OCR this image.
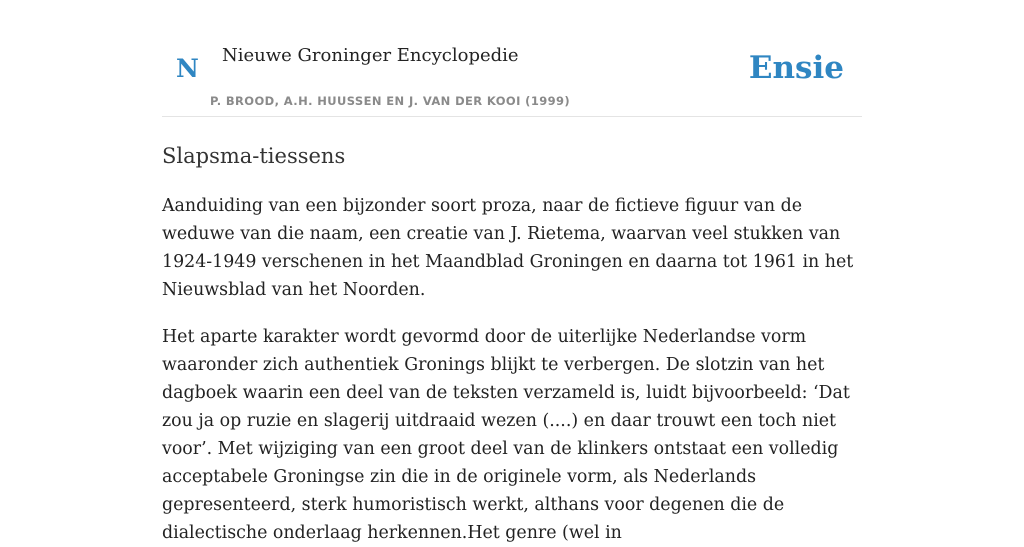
N Nieuwe Groninger Encyclopedie
P. BROOD, A.H. HUUSSEN EN J. VAN DER KOOI (1999)
Ensie
Slapsma-tiessens

Aanduiding van een bijzonder soort proza, naar de fictieve figuur van de weduwe van die naam, een creatie van J. Rietema, waarvan veel stukken van 1924-1949 verschenen in het Maandblad Groningen en daarna tot 1961 in het Nieuwsblad van het Noorden.

Het aparte karakter wordt gevormd door de uiterlijke Nederlandse vorm waaronder zich authentiek Gronings blijkt te verbergen. De slotzin van het dagboek waarin een deel van de teksten verzameld is, luidt bijvoorbeeld: ‘Dat zou ja op ruzie en slagerij uitdraaid wezen (....) en daar trouwt een toch niet voor’. Met wijziging van een groot deel van de klinkers ontstaat een volledig acceptabele Groningse zin die in de originele vorm, als Nederlands gepresenteerd, sterk humoristisch werkt, althans voor degenen die de dialectische onderlaag herkennen.Het genre (wel in
